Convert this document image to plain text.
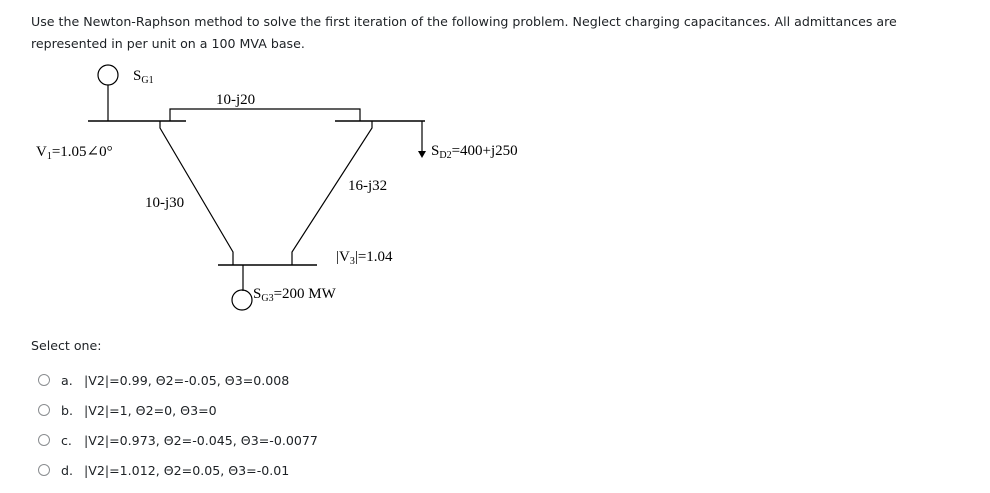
Use the Newton-Raphson method to solve the first iteration of the following problem. Neglect charging capacitances. All admittances are represented in per unit on a 100 MVA base.
$S_{G1}$
10-j20
10-j30
16-j32
$V_1=1.05\angle 0^\circ$	$S_{D2}=400+j250$
$|V_3|=1.04$
$S_{G3}=200$ MW
Select one:
a. |V2|=0.99, Θ2=-0.05, Θ3=0.008
b. |V2|=1, Θ2=0, Θ3=0
c. |V2|=0.973, Θ2=-0.045, Θ3=-0.0077
d. |V2|=1.012, Θ2=0.05, Θ3=-0.01
